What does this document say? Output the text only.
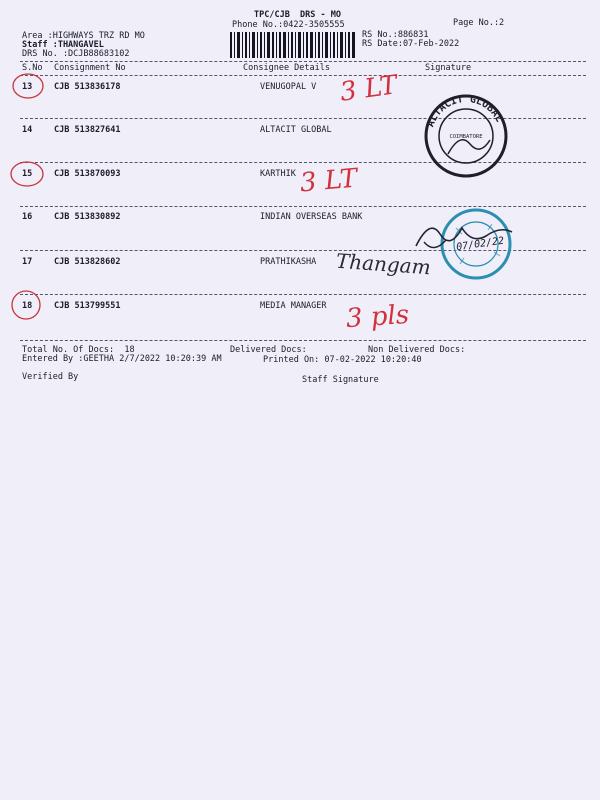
TPC/CJB  DRS - MO
Phone No.:0422-3505555	Page No.:2
Area :HIGHWAYS TRZ RD MO
Staff :THANGAVEL
DRS No. :DCJB88683102
RS No.:886831
RS Date:07-Feb-2022
S.No Consignment No	Consignee Details	Signature
13	CJB 513836178	VENUGOPAL V
14	CJB 513827641	ALTACIT GLOBAL
15	CJB 513870093	KARTHIK
16	CJB 513830892	INDIAN OVERSEAS BANK
17	CJB 513828602	PRATHIKASHA
18	CJB 513799551	MEDIA MANAGER
3 LT
3 LT
Thangam
3 pls
ALTACIT GLOBAL
COIMBATORE
07/02/22
Total No. Of Docs:  18	Delivered Docs:	Non Delivered Docs:
Entered By :GEETHA 2/7/2022 10:20:39 AM	Printed On: 07-02-2022 10:20:40
Verified By	Staff Signature
